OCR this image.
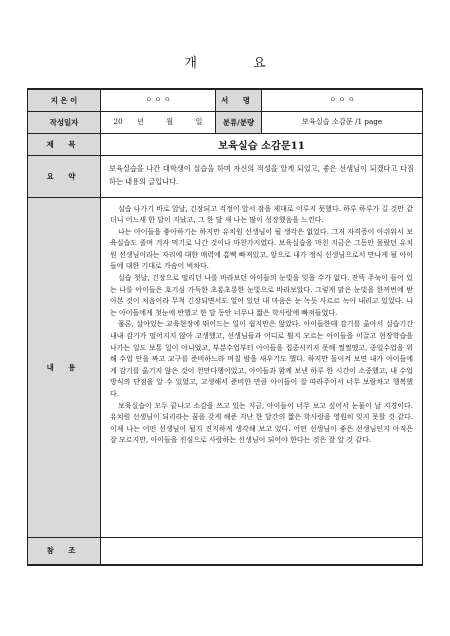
개 요
지 은 이	ㅇ ㅇ ㅇ	서 명	ㅇ ㅇ ㅇ
작성일자	20 년 월 일	분류/분량	보육실습 소감문 /1 page
제 목	보육실습 소감문11		
요 약	보육실습을 나간 대학생이 실습을 하며 자신의 적성을 알게 되었고, 좋은 선생님이 되겠다고 다짐하는 내용의 글입니다.		
내 용	실습 나가기 바로 앞날, 긴장되고 걱정이 앞서 잠을 제대로 이루지 못했다. 하루 하루가 길 것만 같더니 어느새 한 달이 지났고, 그 한 달 새 나는 많이 성장했음을 느낀다.

나는 아이들을 좋아하기는 하지만 유치원 선생님이 될 생각은 없었다. 그저 자격증이 아쉬워서 보육실습도 졸며 겨자 먹기로 나간 것이나 마찬가지였다. 보육실습을 마친 지금은 그동안 몰랐던 유치원 선생님이라는 자리에 대한 매력에 흠뻑 빠져있고, 앞으로 내가 정식 선생님으로서 만나게 될 아이들에 대한 기대로 가슴이 벅차다.

실습 첫날, 긴장으로 떨리던 나를 바라보던 아이들의 눈빛을 잊을 수가 없다. 잔뜩 주눅이 들어 있는 나를 아이들은 호기심 가득한 초롱초롱한 눈빛으로 바라보았다. 그렇게 맑은 눈빛을 한꺼번에 받아본 것이 처음이라 무척 긴장되면서도 얼어 있던 내 마음은 눈 녹듯 사르르 녹아 내리고 있었다. 나는 아이들에게 첫눈에 반했고 한 달 동안 너무나 짧은 학사랑에 빠져들었다.

물론, 살아있는 교육현장에 뛰어드는 일이 쉽지만은 않았다. 아이들한테 감기를 옮아서 실습기간 내내 감기가 떨어지지 않아 고생했고, 선생님들과 어디로 튈지 모르는 아이들을 이끌고 현장학습을 나가는 일도 보통 일이 아니었고, 부분수업부터 아이들을 집중시키지 못해 쩔쩔맸고, 종일수업을 위해 수업 안을 짜고 교구를 준비하느라 며칠 밤을 새우기도 했다. 하지만 돌이켜 보면 내가 아이들에게 감기를 옮기지 않은 것이 천만다행이었고, 아이들과 함께 보낸 하루 한 시간이 소중했고, 내 수업방식의 단점을 알 수 있었고, 고생해서 준비한 만큼 아이들이 잘 따라주어서 너무 보람차고 행복했다.

보육실습이 모두 끝나고 소감을 쓰고 있는 지금, 아이들이 너무 보고 싶어서 눈물이 날 지경이다. 유치원 선생님이 되리라는 꿈을 갖게 해준 지난 한 달간의 짧은 학사랑을 영원히 잊지 못할 것 같다. 이제 나는 어떤 선생님이 될지 진지하게 생각해 보고 있다. 어떤 선생님이 좋은 선생님인지 아직은 잘 모르지만, 아이들을 진심으로 사랑하는 선생님이 되어야 한다는 것은 잘 알 것 같다.		

참 조			
